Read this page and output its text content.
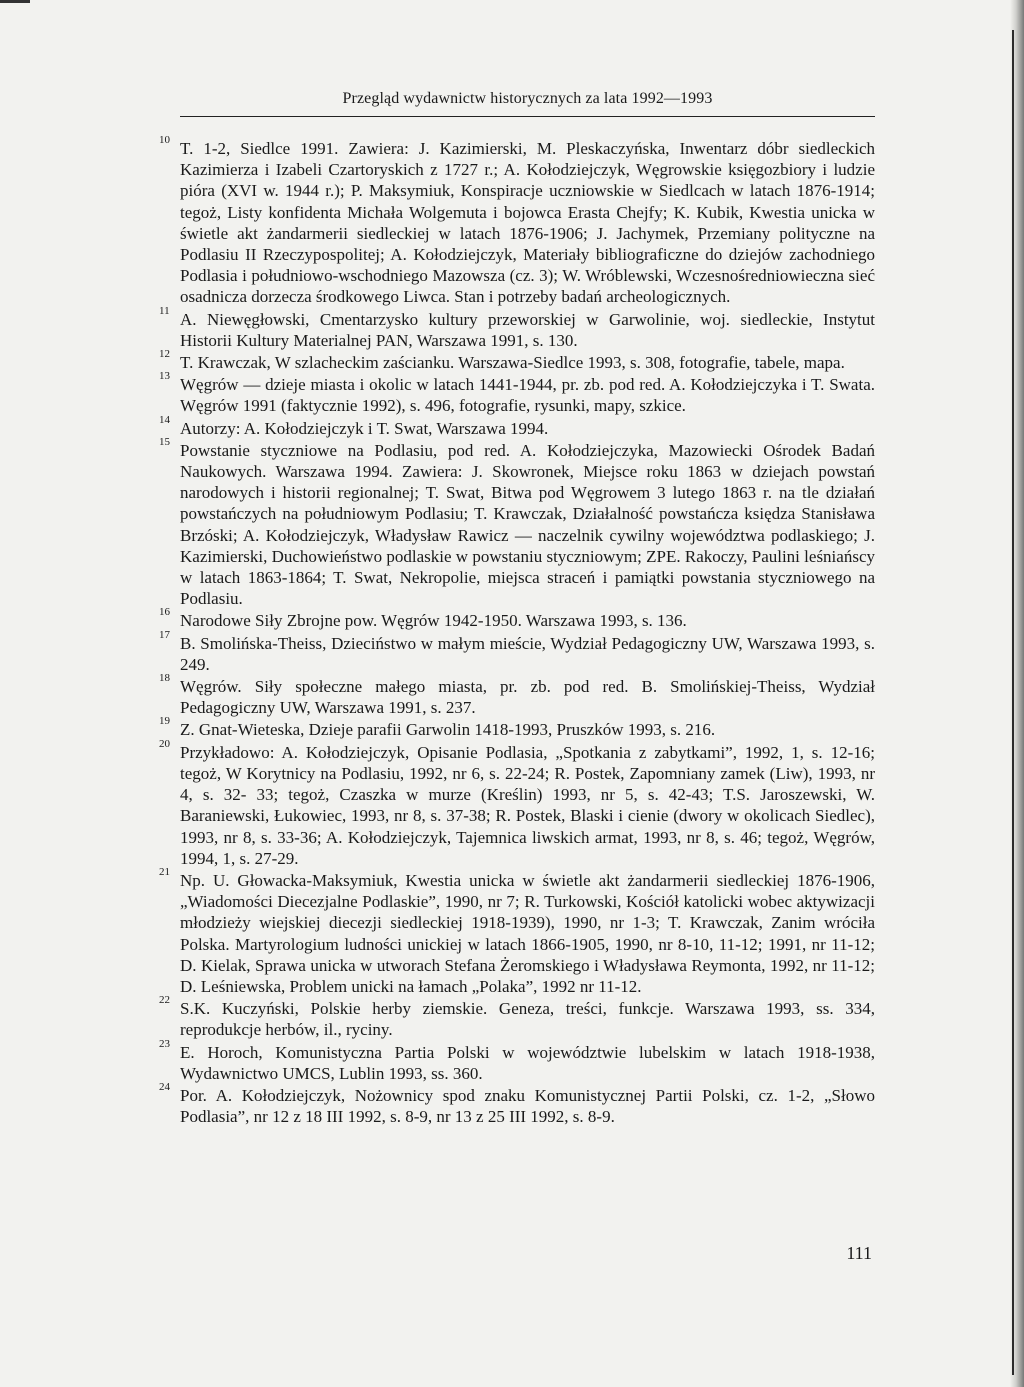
Przegląd wydawnictw historycznych za lata 1992—1993
10 T. 1-2, Siedlce 1991. Zawiera: J. Kazimierski, M. Pleskaczyńska, Inwentarz dóbr siedleckich Kazimierza i Izabeli Czartoryskich z 1727 r.; A. Kołodziejczyk, Węgrowskie księgozbiory i ludzie pióra (XVI w. 1944 r.); P. Maksymiuk, Konspiracje uczniowskie w Siedlcach w latach 1876-1914; tegoż, Listy konfidenta Michała Wolgemuta i bojowca Erasta Chejfy; K. Kubik, Kwestia unicka w świetle akt żandarmerii siedleckiej w latach 1876-1906; J. Jachymek, Przemiany polityczne na Podlasiu II Rzeczypospolitej; A. Kołodziejczyk, Materiały bibliograficzne do dziejów zachodniego Podlasia i południowo-wschodniego Mazowsza (cz. 3); W. Wróblewski, Wczesnośredniowieczna sieć osadnicza dorzecza środkowego Liwca. Stan i potrzeby badań archeologicznych.
11 A. Niewęgłowski, Cmentarzysko kultury przeworskiej w Garwolinie, woj. siedleckie, Instytut Historii Kultury Materialnej PAN, Warszawa 1991, s. 130.
12 T. Krawczak, W szlacheckim zaścianku. Warszawa-Siedlce 1993, s. 308, fotografie, tabele, mapa.
13 Węgrów — dzieje miasta i okolic w latach 1441-1944, pr. zb. pod red. A. Kołodziejczyka i T. Swata. Węgrów 1991 (faktycznie 1992), s. 496, fotografie, rysunki, mapy, szkice.
14 Autorzy: A. Kołodziejczyk i T. Swat, Warszawa 1994.
15 Powstanie styczniowe na Podlasiu, pod red. A. Kołodziejczyka, Mazowiecki Ośrodek Badań Naukowych. Warszawa 1994. Zawiera: J. Skowronek, Miejsce roku 1863 w dziejach powstań narodowych i historii regionalnej; T. Swat, Bitwa pod Węgrowem 3 lutego 1863 r. na tle działań powstańczych na południowym Podlasiu; T. Krawczak, Działalność powstańcza księdza Stanisława Brzóski; A. Kołodziejczyk, Władysław Rawicz — naczelnik cywilny województwa podlaskiego; J. Kazimierski, Duchowieństwo podlaskie w powstaniu styczniowym; ZPE. Rakoczy, Paulini leśniańscy w latach 1863-1864; T. Swat, Nekropolie, miejsca straceń i pamiątki powstania styczniowego na Podlasiu.
16 Narodowe Siły Zbrojne pow. Węgrów 1942-1950. Warszawa 1993, s. 136.
17 B. Smolińska-Theiss, Dzieciństwo w małym mieście, Wydział Pedagogiczny UW, Warszawa 1993, s. 249.
18 Węgrów. Siły społeczne małego miasta, pr. zb. pod red. B. Smolińskiej-Theiss, Wydział Pedagogiczny UW, Warszawa 1991, s. 237.
19 Z. Gnat-Wieteska, Dzieje parafii Garwolin 1418-1993, Pruszków 1993, s. 216.
20 Przykładowo: A. Kołodziejczyk, Opisanie Podlasia, „Spotkania z zabytkami”, 1992, 1, s. 12-16; tegoż, W Korytnicy na Podlasiu, 1992, nr 6, s. 22-24; R. Postek, Zapomniany zamek (Liw), 1993, nr 4, s. 32- 33; tegoż, Czaszka w murze (Kreślin) 1993, nr 5, s. 42-43; T.S. Jaroszewski, W. Baraniewski, Łukowiec, 1993, nr 8, s. 37-38; R. Postek, Blaski i cienie (dwory w okolicach Siedlec), 1993, nr 8, s. 33-36; A. Kołodziejczyk, Tajemnica liwskich armat, 1993, nr 8, s. 46; tegoż, Węgrów, 1994, 1, s. 27-29.
21 Np. U. Głowacka-Maksymiuk, Kwestia unicka w świetle akt żandarmerii siedleckiej 1876-1906, „Wiadomości Diecezjalne Podlaskie”, 1990, nr 7; R. Turkowski, Kościół katolicki wobec aktywizacji młodzieży wiejskiej diecezji siedleckiej 1918-1939), 1990, nr 1-3; T. Krawczak, Zanim wróciła Polska. Martyrologium ludności unickiej w latach 1866-1905, 1990, nr 8-10, 11-12; 1991, nr 11-12; D. Kielak, Sprawa unicka w utworach Stefana Żeromskiego i Władysława Reymonta, 1992, nr 11-12; D. Leśniewska, Problem unicki na łamach „Polaka”, 1992 nr 11-12.
22 S.K. Kuczyński, Polskie herby ziemskie. Geneza, treści, funkcje. Warszawa 1993, ss. 334, reprodukcje herbów, il., ryciny.
23 E. Horoch, Komunistyczna Partia Polski w województwie lubelskim w latach 1918-1938, Wydawnictwo UMCS, Lublin 1993, ss. 360.
24 Por. A. Kołodziejczyk, Nożownicy spod znaku Komunistycznej Partii Polski, cz. 1-2, „Słowo Podlasia”, nr 12 z 18 III 1992, s. 8-9, nr 13 z 25 III 1992, s. 8-9.
111
